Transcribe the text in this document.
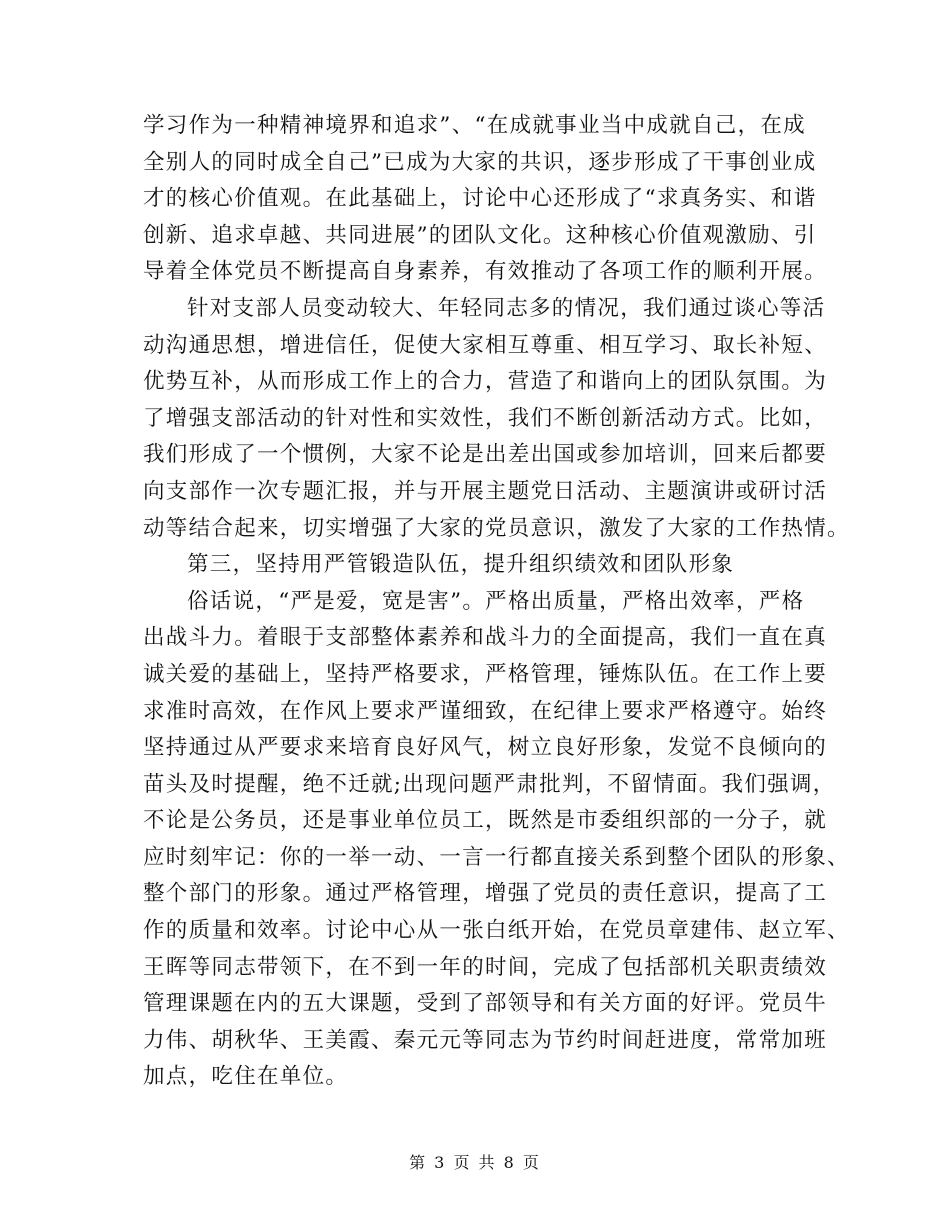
学习作为一种精神境界和追求”、“在成就事业当中成就自己，在成
全别人的同时成全自己”已成为大家的共识，逐步形成了干事创业成
才的核心价值观。在此基础上，讨论中心还形成了“求真务实、和谐
创新、追求卓越、共同进展”的团队文化。这种核心价值观激励、引
导着全体党员不断提高自身素养，有效推动了各项工作的顺利开展。
针对支部人员变动较大、年轻同志多的情况，我们通过谈心等活
动沟通思想，增进信任，促使大家相互尊重、相互学习、取长补短、
优势互补，从而形成工作上的合力，营造了和谐向上的团队氛围。为
了增强支部活动的针对性和实效性，我们不断创新活动方式。比如，
我们形成了一个惯例，大家不论是出差出国或参加培训，回来后都要
向支部作一次专题汇报，并与开展主题党日活动、主题演讲或研讨活
动等结合起来，切实增强了大家的党员意识，激发了大家的工作热情。
第三，坚持用严管锻造队伍，提升组织绩效和团队形象
俗话说，“严是爱，宽是害”。严格出质量，严格出效率，严格
出战斗力。着眼于支部整体素养和战斗力的全面提高，我们一直在真
诚关爱的基础上，坚持严格要求，严格管理，锤炼队伍。在工作上要
求准时高效，在作风上要求严谨细致，在纪律上要求严格遵守。始终
坚持通过从严要求来培育良好风气，树立良好形象，发觉不良倾向的
苗头及时提醒，绝不迁就;出现问题严肃批判，不留情面。我们强调，
不论是公务员，还是事业单位员工，既然是市委组织部的一分子，就
应时刻牢记：你的一举一动、一言一行都直接关系到整个团队的形象、
整个部门的形象。通过严格管理，增强了党员的责任意识，提高了工
作的质量和效率。讨论中心从一张白纸开始，在党员章建伟、赵立军、
王晖等同志带领下，在不到一年的时间，完成了包括部机关职责绩效
管理课题在内的五大课题，受到了部领导和有关方面的好评。党员牛
力伟、胡秋华、王美霞、秦元元等同志为节约时间赶进度，常常加班
加点，吃住在单位。
第 3 页 共 8 页
